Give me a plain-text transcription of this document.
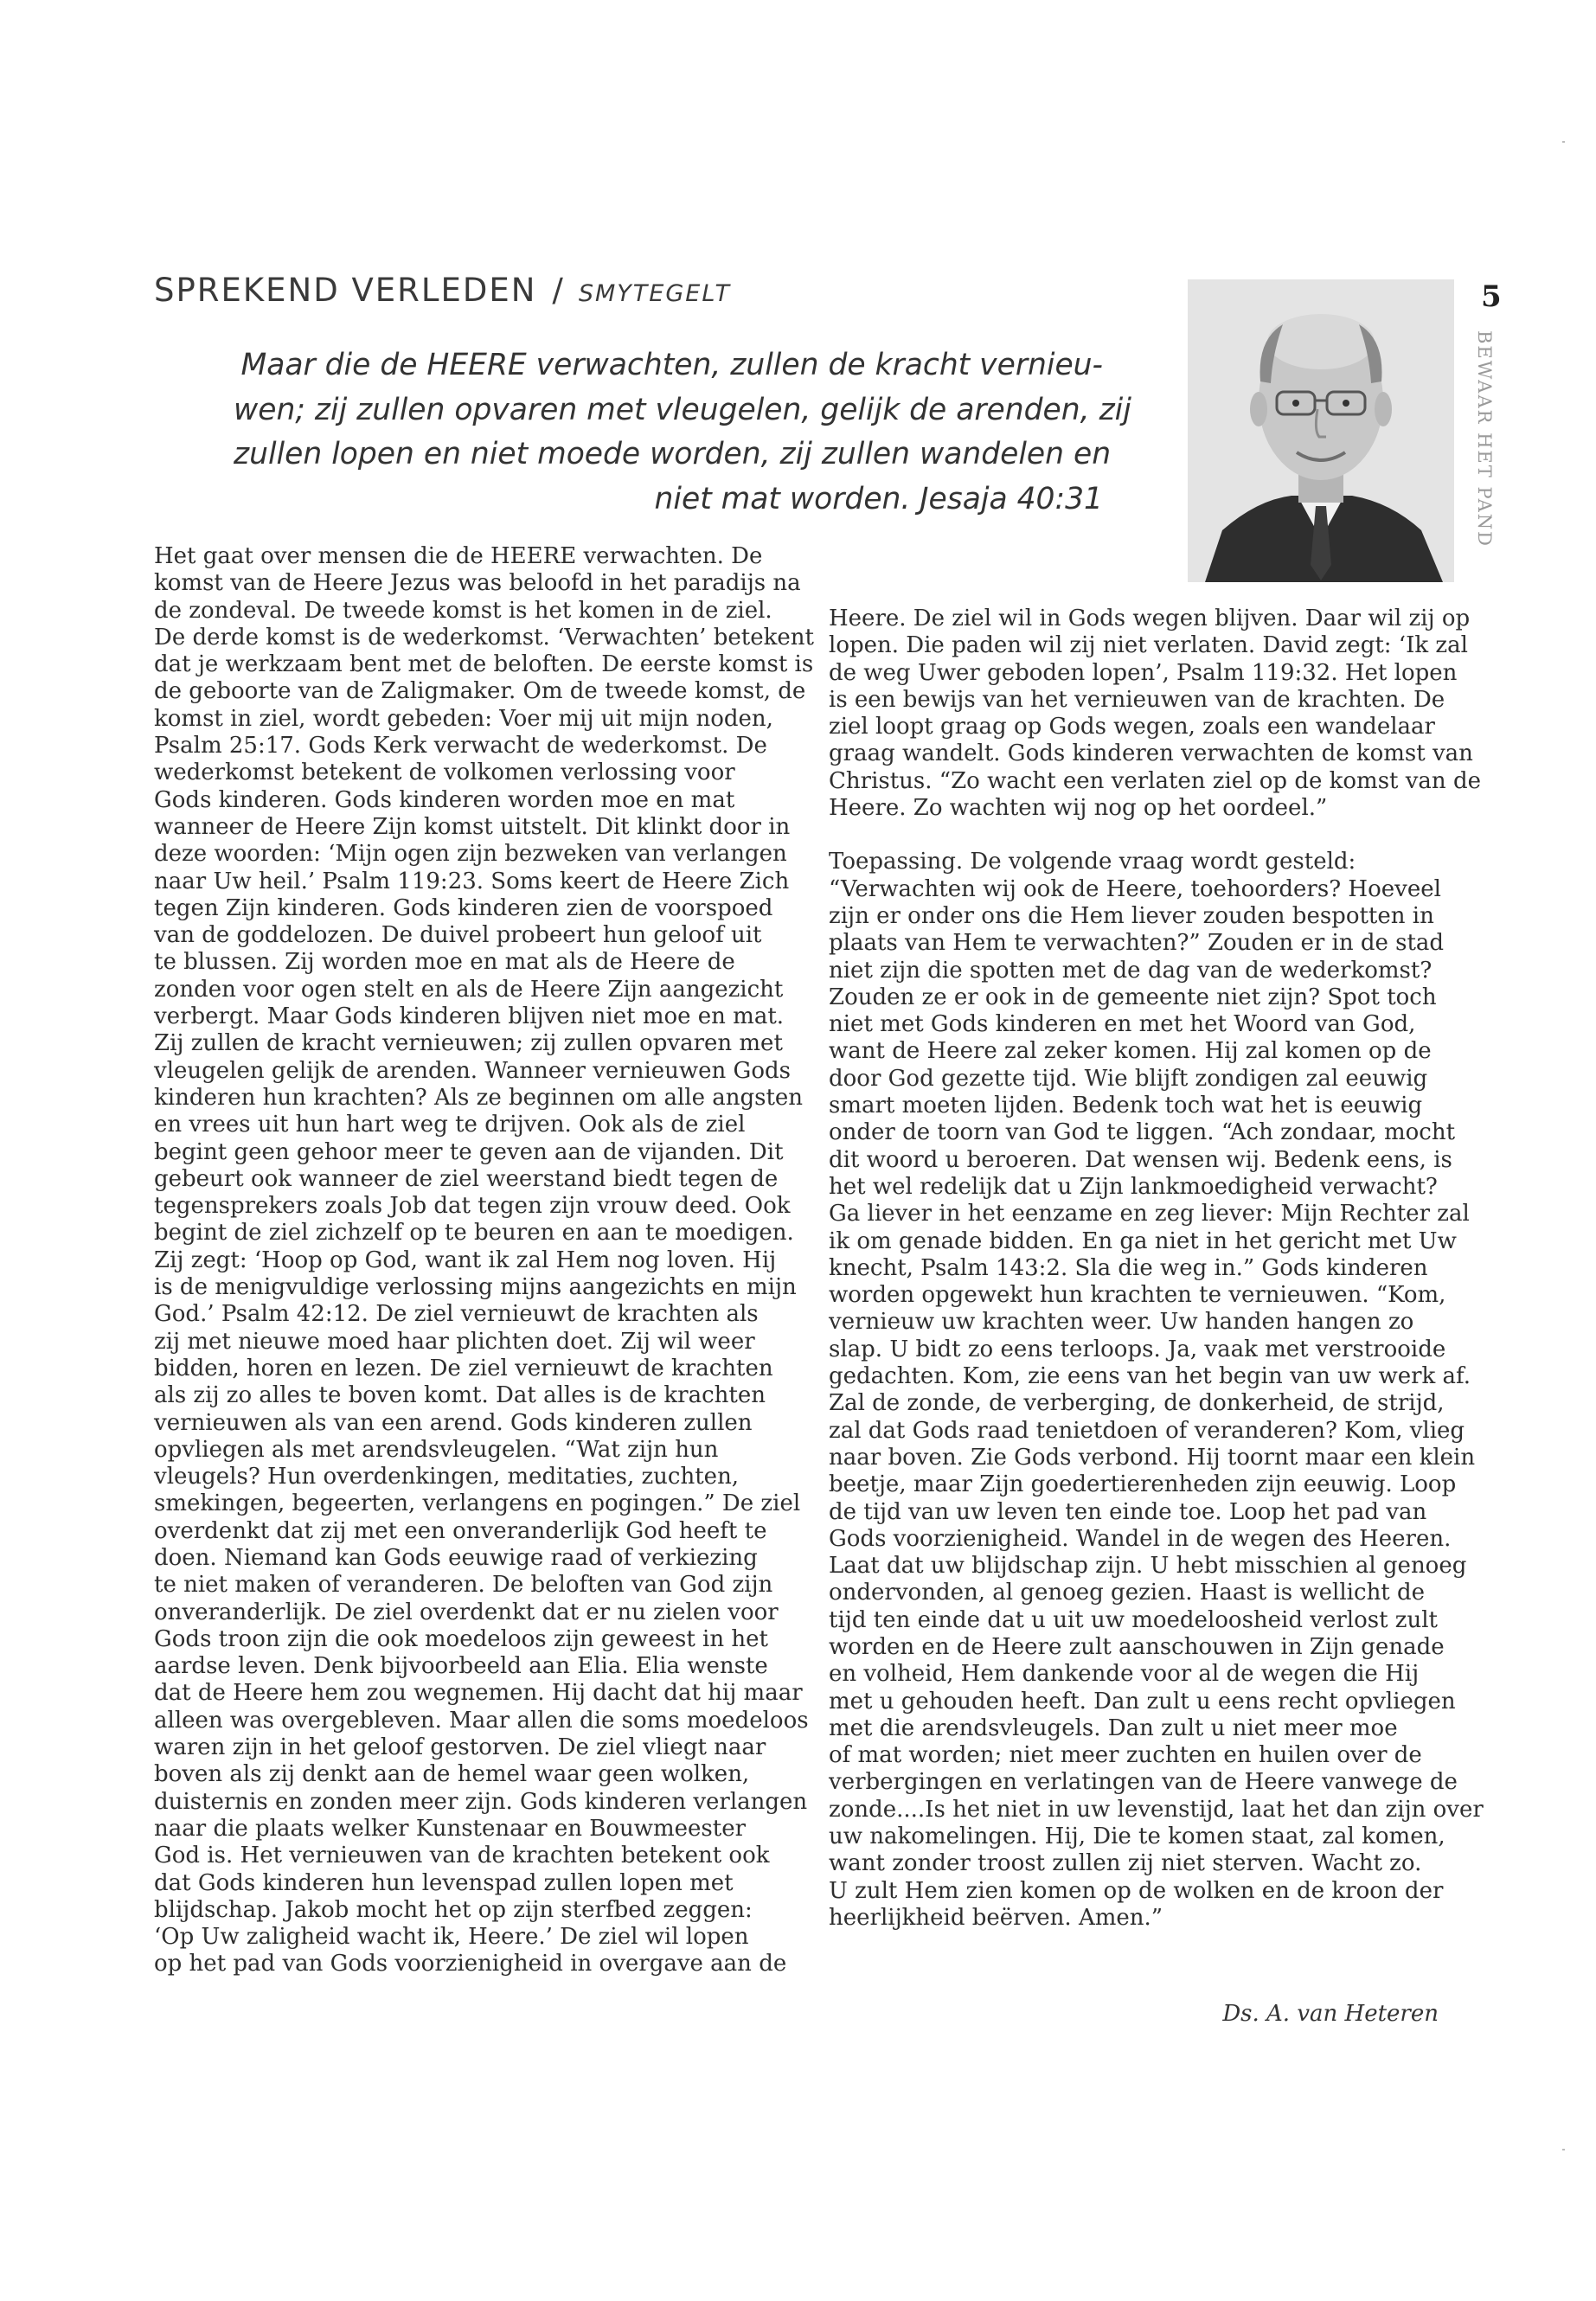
SPREKEND VERLEDEN / SMYTEGELT

Maar die de HEERE verwachten, zullen de kracht vernieu-

wen; zij zullen opvaren met vleugelen, gelijk de arenden, zij

zullen lopen en niet moede worden, zij zullen wandelen en

niet mat worden. Jesaja 40:31

5
BEWAAR HET PAND

Het gaat over mensen die de HEERE verwachten. De

komst van de Heere Jezus was beloofd in het paradijs na

de zondeval. De tweede komst is het komen in de ziel.

De derde komst is de wederkomst. ‘Verwachten’ betekent

dat je werkzaam bent met de beloften. De eerste komst is

de geboorte van de Zaligmaker. Om de tweede komst, de

komst in ziel, wordt gebeden: Voer mij uit mijn noden,

Psalm 25:17. Gods Kerk verwacht de wederkomst. De

wederkomst betekent de volkomen verlossing voor

Gods kinderen. Gods kinderen worden moe en mat

wanneer de Heere Zijn komst uitstelt. Dit klinkt door in

deze woorden: ‘Mijn ogen zijn bezweken van verlangen

naar Uw heil.’ Psalm 119:23. Soms keert de Heere Zich

tegen Zijn kinderen. Gods kinderen zien de voorspoed

van de goddelozen. De duivel probeert hun geloof uit

te blussen. Zij worden moe en mat als de Heere de

zonden voor ogen stelt en als de Heere Zijn aangezicht

verbergt. Maar Gods kinderen blijven niet moe en mat.

Zij zullen de kracht vernieuwen; zij zullen opvaren met

vleugelen gelijk de arenden. Wanneer vernieuwen Gods

kinderen hun krachten? Als ze beginnen om alle angsten

en vrees uit hun hart weg te drijven. Ook als de ziel

begint geen gehoor meer te geven aan de vijanden. Dit

gebeurt ook wanneer de ziel weerstand biedt tegen de

tegensprekers zoals Job dat tegen zijn vrouw deed. Ook

begint de ziel zichzelf op te beuren en aan te moedigen.

Zij zegt: ‘Hoop op God, want ik zal Hem nog loven. Hij

is de menigvuldige verlossing mijns aangezichts en mijn

God.’ Psalm 42:12. De ziel vernieuwt de krachten als

zij met nieuwe moed haar plichten doet. Zij wil weer

bidden, horen en lezen. De ziel vernieuwt de krachten

als zij zo alles te boven komt. Dat alles is de krachten

vernieuwen als van een arend. Gods kinderen zullen

opvliegen als met arendsvleugelen. “Wat zijn hun

vleugels? Hun overdenkingen, meditaties, zuchten,

smekingen, begeerten, verlangens en pogingen.” De ziel

overdenkt dat zij met een onveranderlijk God heeft te

doen. Niemand kan Gods eeuwige raad of verkiezing

te niet maken of veranderen. De beloften van God zijn

onveranderlijk. De ziel overdenkt dat er nu zielen voor

Gods troon zijn die ook moedeloos zijn geweest in het

aardse leven. Denk bijvoorbeeld aan Elia. Elia wenste

dat de Heere hem zou wegnemen. Hij dacht dat hij maar

alleen was overgebleven. Maar allen die soms moedeloos

waren zijn in het geloof gestorven. De ziel vliegt naar

boven als zij denkt aan de hemel waar geen wolken,

duisternis en zonden meer zijn. Gods kinderen verlangen

naar die plaats welker Kunstenaar en Bouwmeester

God is. Het vernieuwen van de krachten betekent ook

dat Gods kinderen hun levenspad zullen lopen met

blijdschap. Jakob mocht het op zijn sterfbed zeggen:

‘Op Uw zaligheid wacht ik, Heere.’ De ziel wil lopen

op het pad van Gods voorzienigheid in overgave aan de

Heere. De ziel wil in Gods wegen blijven. Daar wil zij op

lopen. Die paden wil zij niet verlaten. David zegt: ‘Ik zal

de weg Uwer geboden lopen’, Psalm 119:32. Het lopen

is een bewijs van het vernieuwen van de krachten. De

ziel loopt graag op Gods wegen, zoals een wandelaar

graag wandelt. Gods kinderen verwachten de komst van

Christus. “Zo wacht een verlaten ziel op de komst van de

Heere. Zo wachten wij nog op het oordeel.”

Toepassing. De volgende vraag wordt gesteld:

“Verwachten wij ook de Heere, toehoorders? Hoeveel

zijn er onder ons die Hem liever zouden bespotten in

plaats van Hem te verwachten?” Zouden er in de stad

niet zijn die spotten met de dag van de wederkomst?

Zouden ze er ook in de gemeente niet zijn? Spot toch

niet met Gods kinderen en met het Woord van God,

want de Heere zal zeker komen. Hij zal komen op de

door God gezette tijd. Wie blijft zondigen zal eeuwig

smart moeten lijden. Bedenk toch wat het is eeuwig

onder de toorn van God te liggen. “Ach zondaar, mocht

dit woord u beroeren. Dat wensen wij. Bedenk eens, is

het wel redelijk dat u Zijn lankmoedigheid verwacht?

Ga liever in het eenzame en zeg liever: Mijn Rechter zal

ik om genade bidden. En ga niet in het gericht met Uw

knecht, Psalm 143:2. Sla die weg in.” Gods kinderen

worden opgewekt hun krachten te vernieuwen. “Kom,

vernieuw uw krachten weer. Uw handen hangen zo

slap. U bidt zo eens terloops. Ja, vaak met verstrooide

gedachten. Kom, zie eens van het begin van uw werk af.

Zal de zonde, de verberging, de donkerheid, de strijd,

zal dat Gods raad tenietdoen of veranderen? Kom, vlieg

naar boven. Zie Gods verbond. Hij toornt maar een klein

beetje, maar Zijn goedertierenheden zijn eeuwig. Loop

de tijd van uw leven ten einde toe. Loop het pad van

Gods voorzienigheid. Wandel in de wegen des Heeren.

Laat dat uw blijdschap zijn. U hebt misschien al genoeg

ondervonden, al genoeg gezien. Haast is wellicht de

tijd ten einde dat u uit uw moedeloosheid verlost zult

worden en de Heere zult aanschouwen in Zijn genade

en volheid, Hem dankende voor al de wegen die Hij

met u gehouden heeft. Dan zult u eens recht opvliegen

met die arendsvleugels. Dan zult u niet meer moe

of mat worden; niet meer zuchten en huilen over de

verbergingen en verlatingen van de Heere vanwege de

zonde....Is het niet in uw levenstijd, laat het dan zijn over

uw nakomelingen. Hij, Die te komen staat, zal komen,

want zonder troost zullen zij niet sterven. Wacht zo.

U zult Hem zien komen op de wolken en de kroon der

heerlijkheid beërven. Amen.”

Ds. A. van Heteren
